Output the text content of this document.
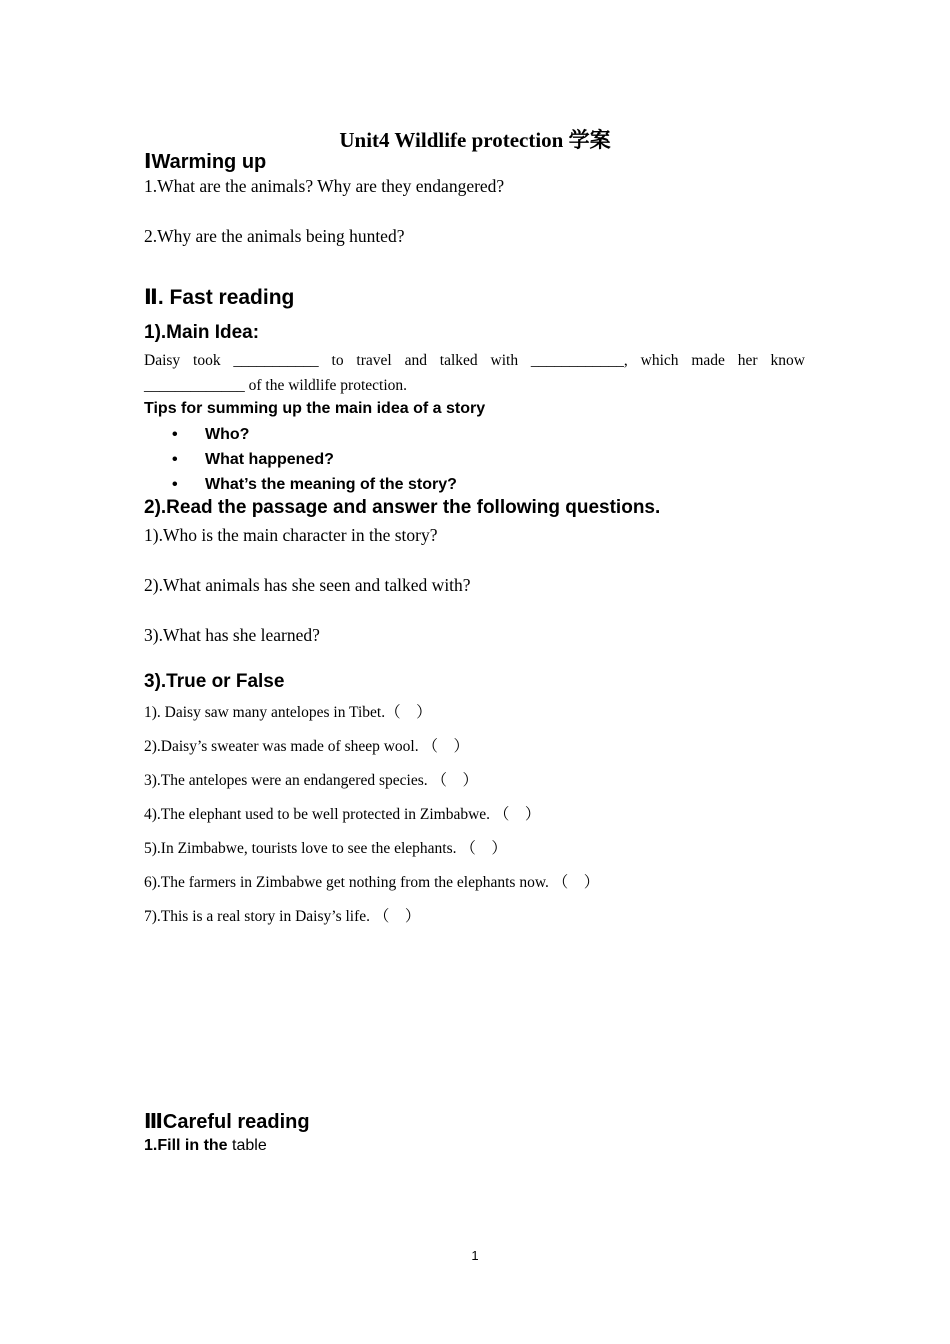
Unit4 Wildlife protection 学案
ⅠWarming up
1.What are the animals? Why are they endangered?
2.Why are the animals being hunted?
Ⅱ. Fast reading
1).Main Idea:
Daisy took ___________ to travel and talked with ____________, which made her know
_____________ of the wildlife protection.
Tips for summing up the main idea of a story
• Who?
• What happened?
• What’s the meaning of the story?
2).Read the passage and answer the following questions.
1).Who is the main character in the story?
2).What animals has she seen and talked with?
3).What has she learned?
3).True or False
1). Daisy saw many antelopes in Tibet.（　）
2).Daisy’s sweater was made of sheep wool. （　）
3).The antelopes were an endangered species. （　）
4).The elephant used to be well protected in Zimbabwe. （　）
5).In Zimbabwe, tourists love to see the elephants. （　）
6).The farmers in Zimbabwe get nothing from the elephants now. （　）
7).This is a real story in Daisy’s life. （　）
ⅢCareful reading
1.Fill in the table
1
